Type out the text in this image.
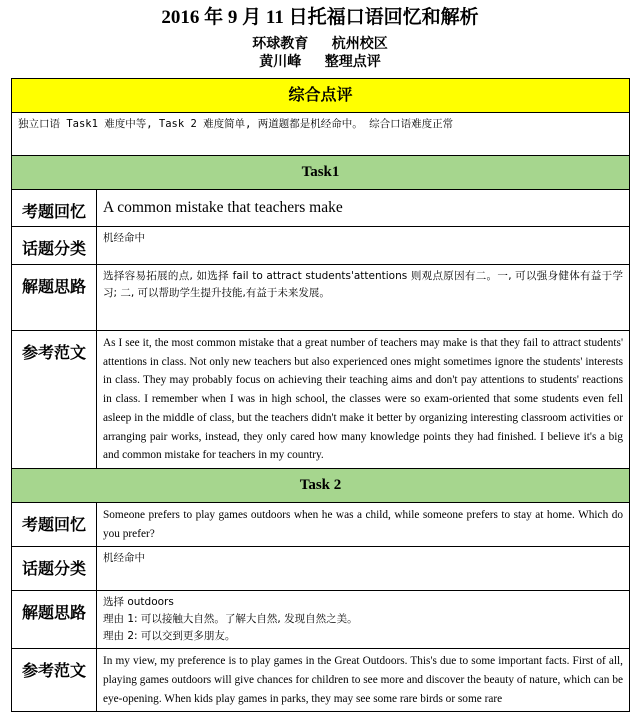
2016 年 9 月 11 日托福口语回忆和解析
环球教育 杭州校区
黄川峰 整理点评
综合点评	
独立口语 Task1 难度中等, Task 2 难度简单, 两道题都是机经命中。 综合口语难度正常	
Task1	
考题回忆	A common mistake that teachers make
话题分类	机经命中
解题思路	选择容易拓展的点, 如选择 fail to attract students'attentions 则观点原因有二。一, 可以强身健体有益于学习; 二, 可以帮助学生提升技能,有益于未来发展。
参考范文	As I see it, the most common mistake that a great number of teachers may make is that they fail to attract students' attentions in class. Not only new teachers but also experienced ones might sometimes ignore the students' interests in class. They may probably focus on achieving their teaching aims and don't pay attentions to students' reactions in class. I remember when I was in high school, the classes were so exam-oriented that some students even fell asleep in the middle of class, but the teachers didn't make it better by organizing interesting classroom activities or arranging pair works, instead, they only cared how many knowledge points they had finished. I believe it's a big and common mistake for teachers in my country.
Task 2	
考题回忆	Someone prefers to play games outdoors when he was a child, while someone prefers to stay at home. Which do you prefer?
话题分类	机经命中
解题思路	选择 outdoors
理由 1: 可以接触大自然。了解大自然, 发现自然之美。
理由 2: 可以交到更多朋友。

参考范文	In my view, my preference is to play games in the Great Outdoors. This's due to some important facts. First of all, playing games outdoors will give chances for children to see more and discover the beauty of nature, which can be eye-opening. When kids play games in parks, they may see some rare birds or some rare
